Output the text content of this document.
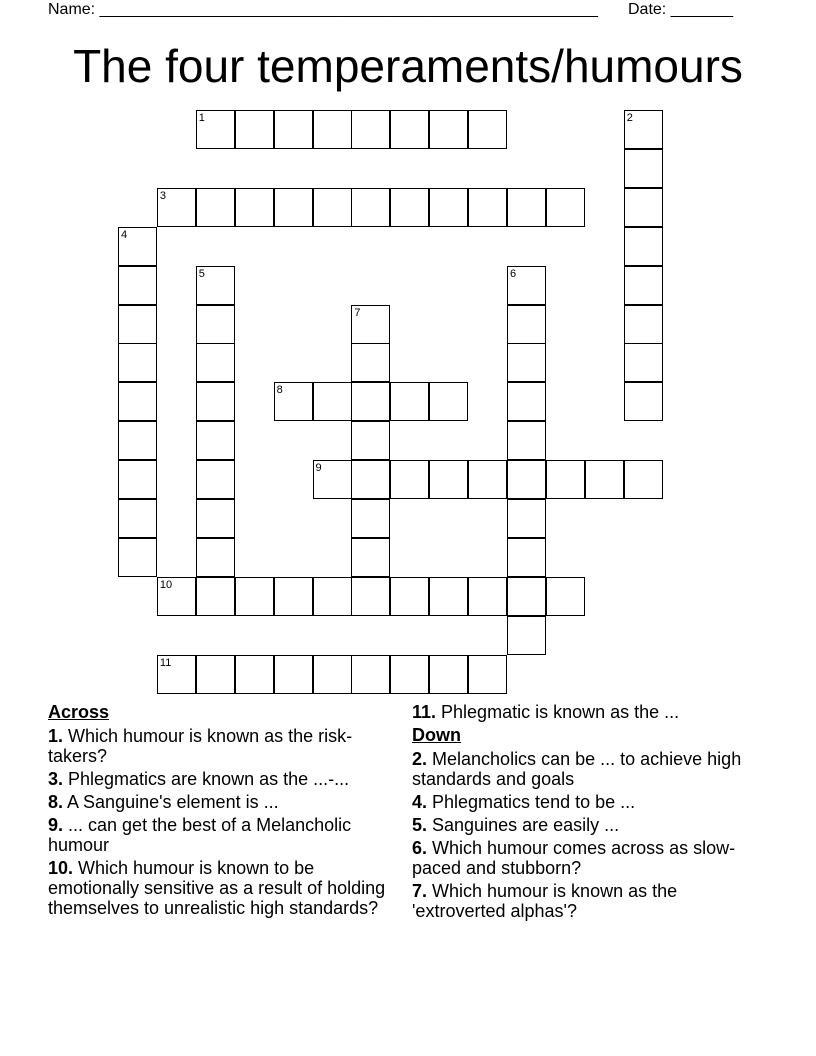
Name: ________________________________________________________ Date: _______
The four temperaments/humours
1	2
3
4
5	6
7
8
9
10
11
Across
1. Which humour is known as the risk-takers?
3. Phlegmatics are known as the ...-...
8. A Sanguine's element is ...
9. ... can get the best of a Melancholic humour
10. Which humour is known to be emotionally sensitive as a result of holding themselves to unrealistic high standards?
11. Phlegmatic is known as the ...
Down
2. Melancholics can be ... to achieve high standards and goals
4. Phlegmatics tend to be ...
5. Sanguines are easily ...
6. Which humour comes across as slow-paced and stubborn?
7. Which humour is known as the 'extroverted alphas'?
